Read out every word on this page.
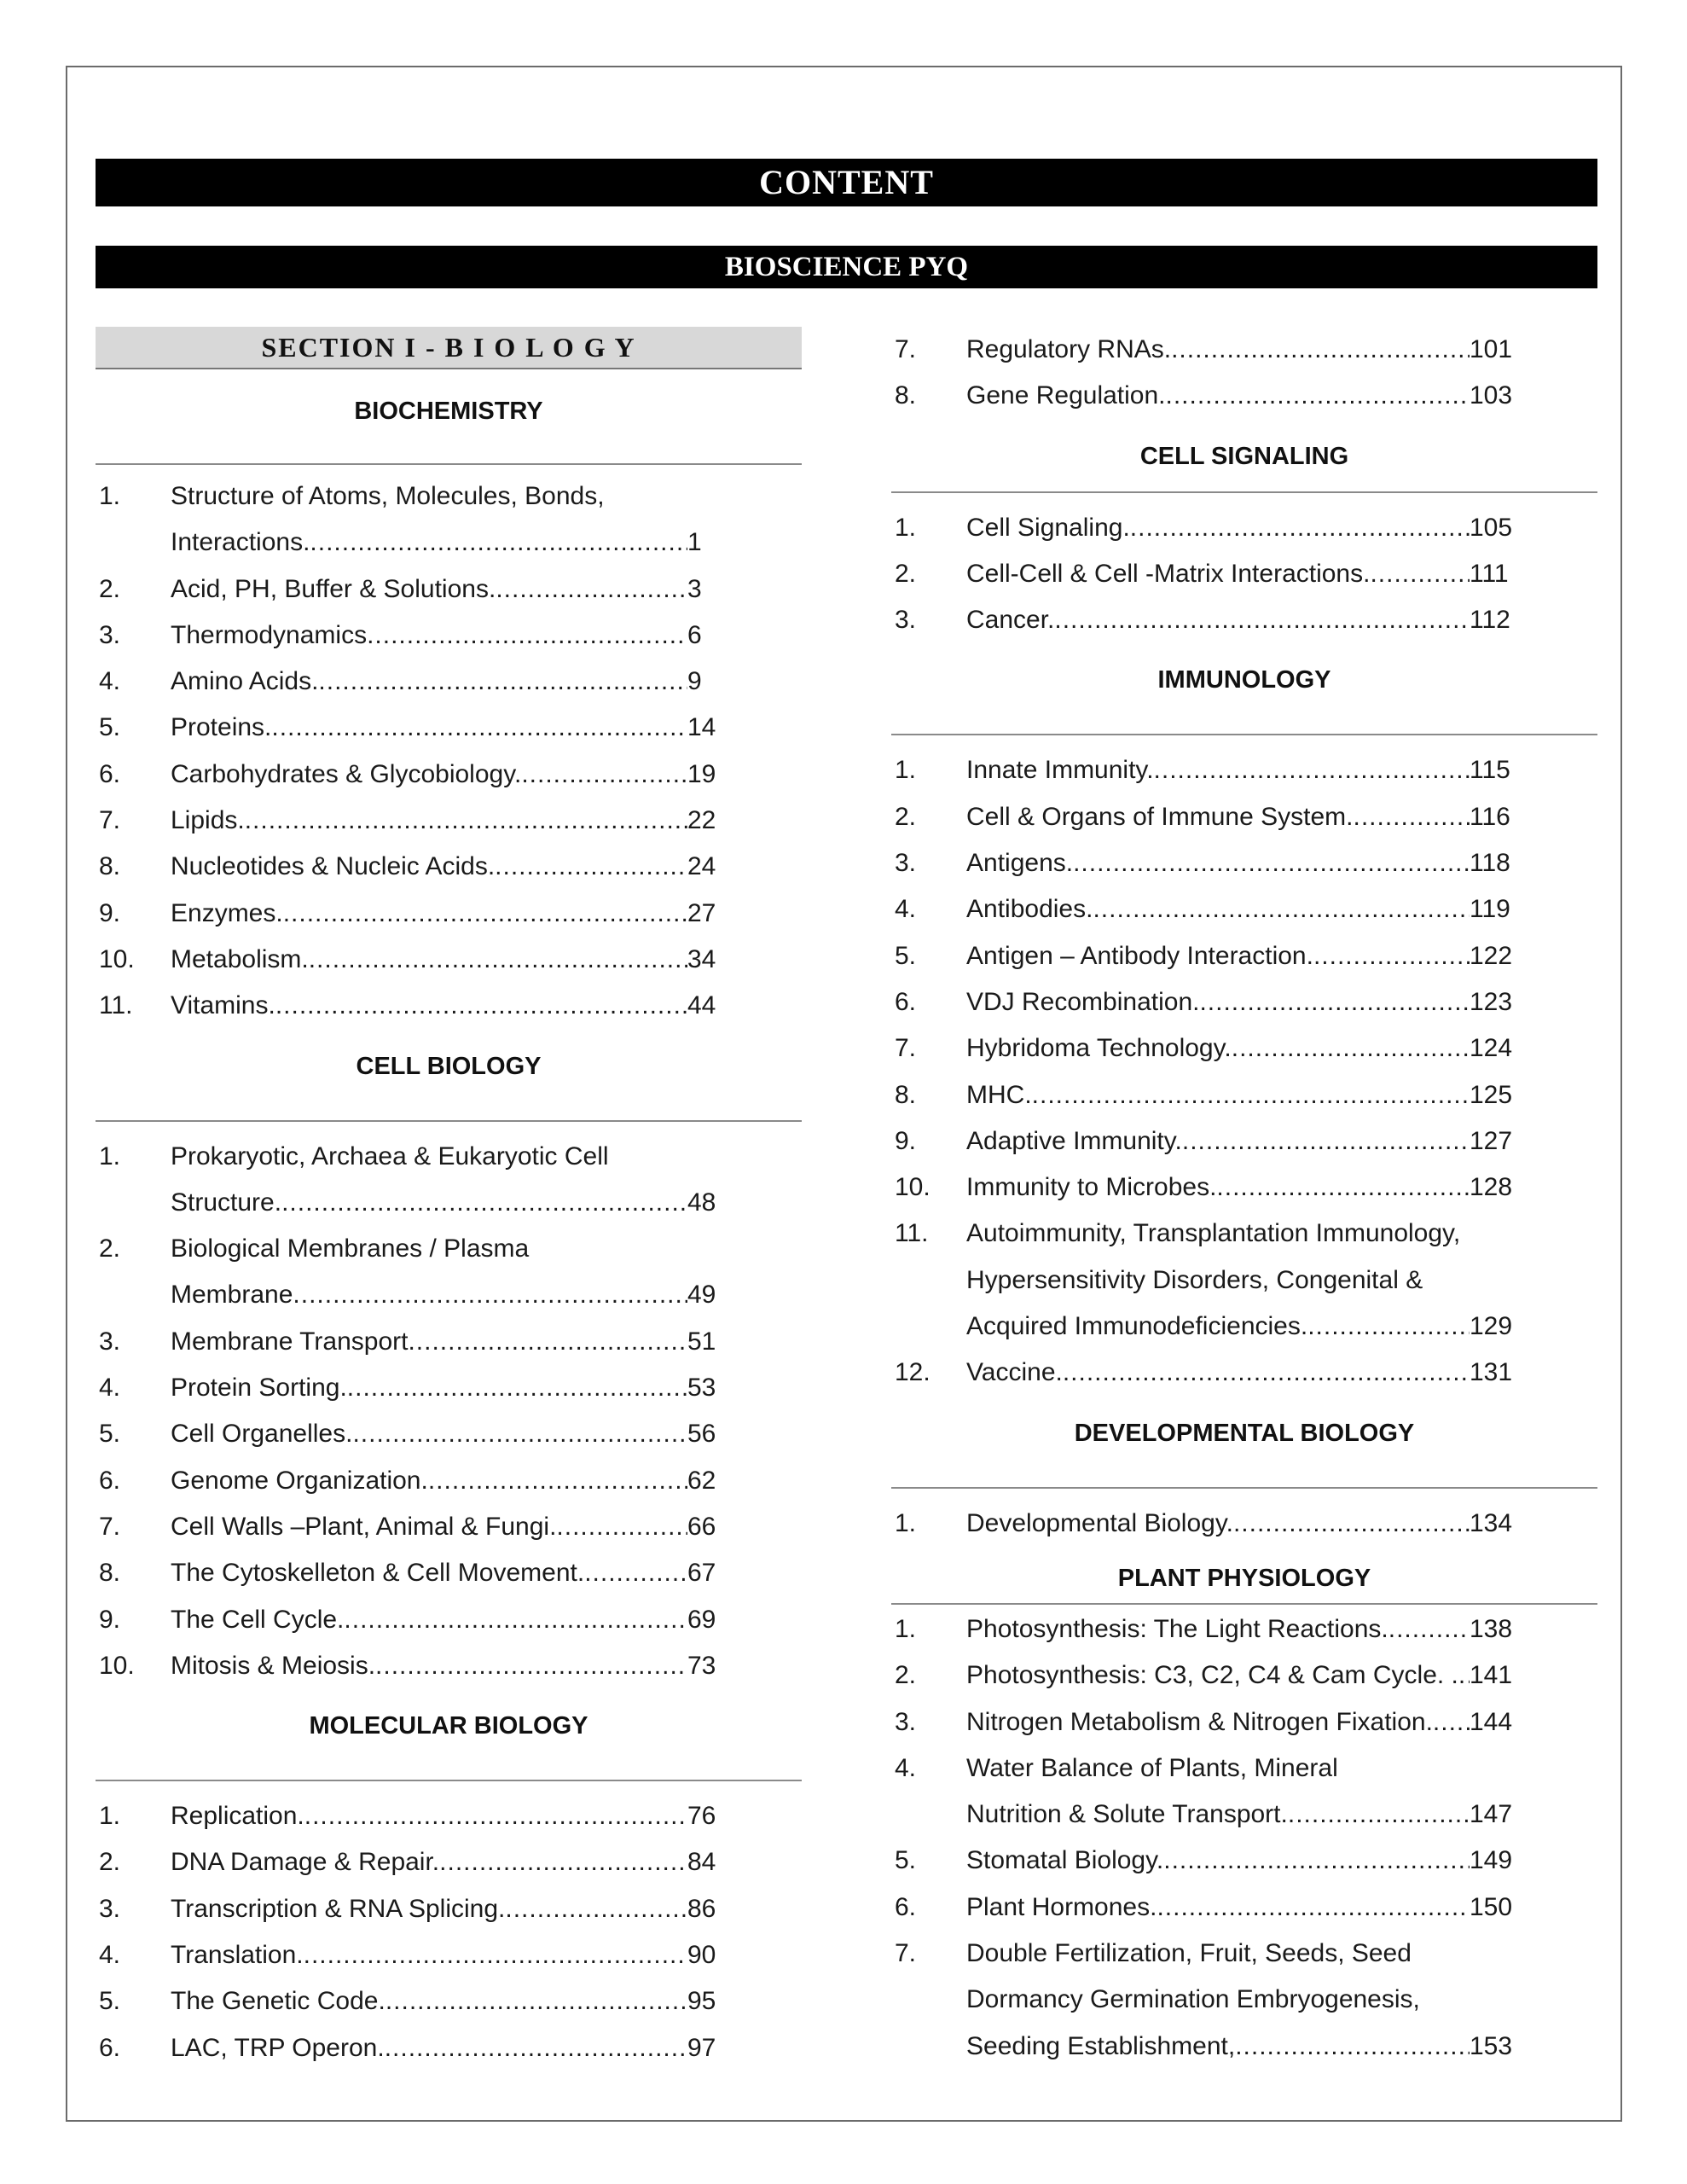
CONTENT
BIOSCIENCE PYQ
SECTION I - B I O L O G Y
BIOCHEMISTRY
1.	Structure of Atoms, Molecules, Bonds,
Interactions. .....	1
2.	Acid, PH, Buffer & Solutions. .....	3
3.	Thermodynamics .....	6
4.	Amino Acids. .....	9
5.	Proteins. .....	14
6.	Carbohydrates & Glycobiology. .....	19
7.	Lipids. .....	22
8.	Nucleotides & Nucleic Acids. .....	24
9.	Enzymes. .....	27
10.	Metabolism. .....	34
11.	Vitamins. .....	44
CELL BIOLOGY
1.	Prokaryotic, Archaea & Eukaryotic Cell
Structure. .....	48
2.	Biological Membranes / Plasma
Membrane .....	49
3.	Membrane Transport .....	51
4.	Protein Sorting. .....	53
5.	Cell Organelles. .....	56
6.	Genome Organization. .....	62
7.	Cell Walls –Plant, Animal & Fungi. .....	66
8.	The Cytoskelleton & Cell Movement. .....	67
9.	The Cell Cycle. .....	69
10.	Mitosis & Meiosis. .....	73
MOLECULAR BIOLOGY
1.	Replication. .....	76
2.	DNA Damage & Repair. .....	84
3.	Transcription & RNA Splicing. .....	86
4.	Translation. .....	90
5.	The Genetic Code. .....	95
6.	LAC, TRP Operon. .....	97
7.	Regulatory RNAs. .....	101
8.	Gene Regulation. .....	103
CELL SIGNALING
1.	Cell Signaling. .....	105
2.	Cell-Cell & Cell -Matrix Interactions. .....	111
3.	Cancer. .....	112
IMMUNOLOGY
1.	Innate Immunity. .....	115
2.	Cell & Organs of Immune System. .....	116
3.	Antigens. .....	118
4.	Antibodies. .....	119
5.	Antigen – Antibody Interaction. .....	122
6.	VDJ Recombination. .....	123
7.	Hybridoma Technology. .....	124
8.	MHC. .....	125
9.	Adaptive Immunity. .....	127
10.	Immunity to Microbes. .....	128
11.	Autoimmunity, Transplantation Immunology,
Hypersensitivity Disorders, Congenital &
Acquired Immunodeficiencies. .....	129
12.	Vaccine. .....	131
DEVELOPMENTAL BIOLOGY
1.	Developmental Biology. .....	134
PLANT PHYSIOLOGY
1.	Photosynthesis: The Light Reactions. .....	138
2.	Photosynthesis: C3, C2, C4 & Cam Cycle. . ..... 141
3.	Nitrogen Metabolism & Nitrogen Fixation. ..... 144
4.	Water Balance of Plants, Mineral
Nutrition & Solute Transport. .....	147
5.	Stomatal Biology. .....	149
6.	Plant Hormones. .....	150
7.	Double Fertilization, Fruit, Seeds, Seed
Dormancy Germination Embryogenesis,
Seeding Establishment, .....	153
